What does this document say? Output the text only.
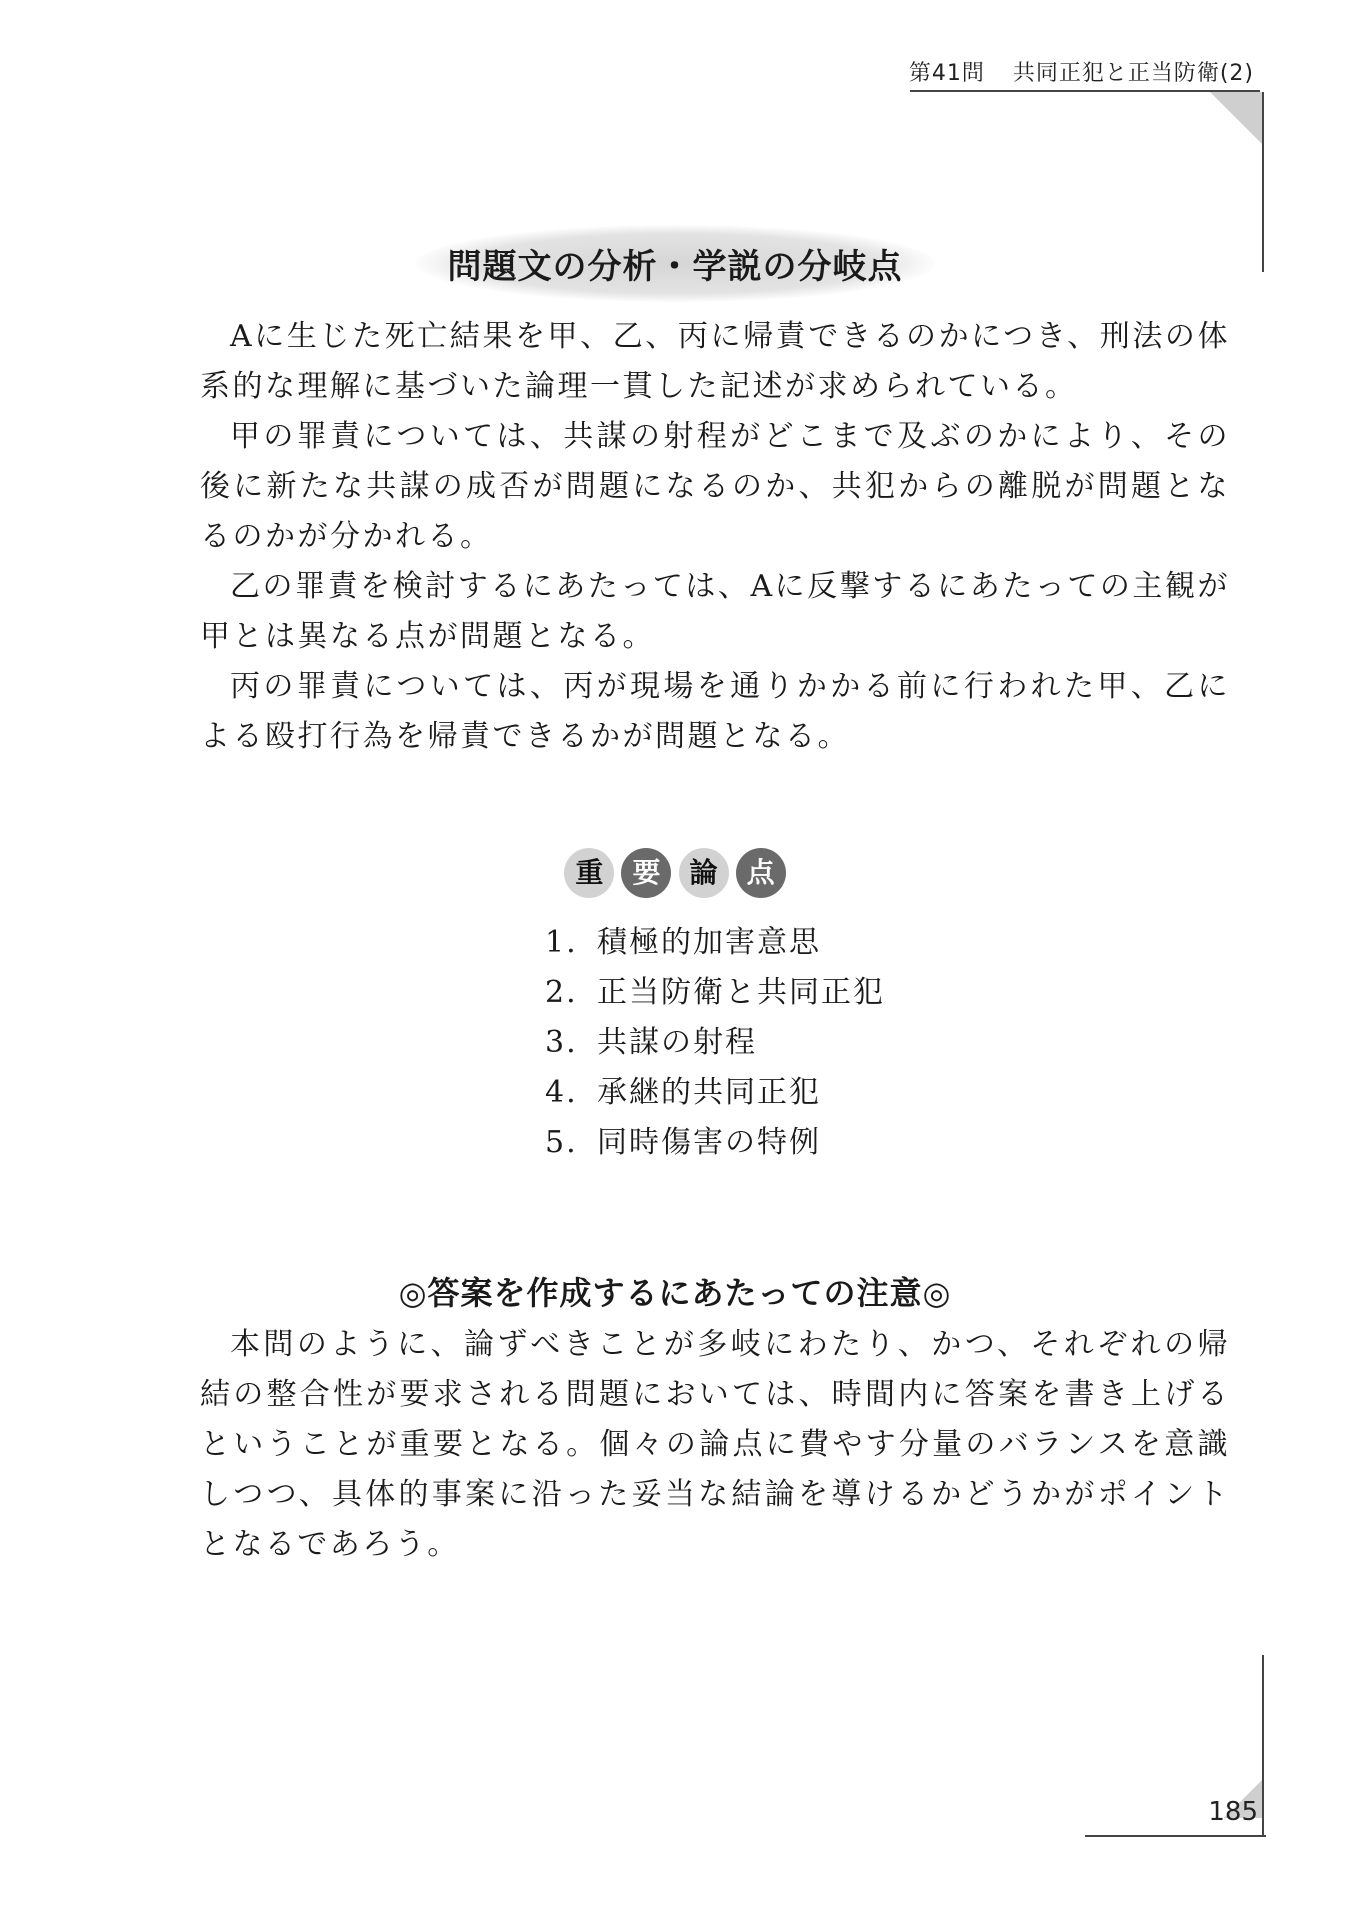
第41問 共同正犯と正当防衛(2)
問題文の分析・学説の分岐点

Aに生じた死亡結果を甲、乙、丙に帰責できるのかにつき、刑法の体系的な理解に基づいた論理一貫した記述が求められている。

甲の罪責については、共謀の射程がどこまで及ぶのかにより、その後に新たな共謀の成否が問題になるのか、共犯からの離脱が問題となるのかが分かれる。

乙の罪責を検討するにあたっては、Aに反撃するにあたっての主観が甲とは異なる点が問題となる。

丙の罪責については、丙が現場を通りかかる前に行われた甲、乙による殴打行為を帰責できるかが問題となる。

重 要 論 点
1. 積極的加害意思
2. 正当防衛と共同正犯
3. 共謀の射程
4. 承継的共同正犯
5. 同時傷害の特例
◎答案を作成するにあたっての注意◎

本問のように、論ずべきことが多岐にわたり、かつ、それぞれの帰結の整合性が要求される問題においては、時間内に答案を書き上げるということが重要となる。個々の論点に費やす分量のバランスを意識しつつ、具体的事案に沿った妥当な結論を導けるかどうかがポイントとなるであろう。

185
